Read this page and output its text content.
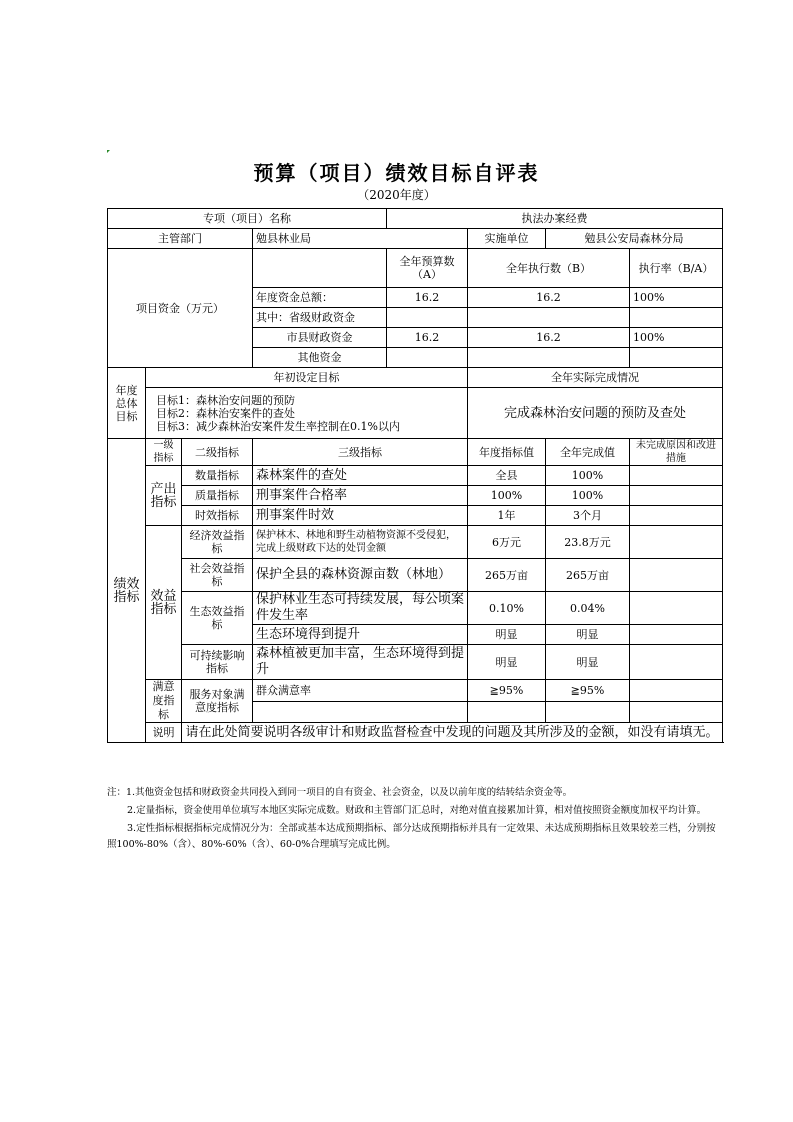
预算（项目）绩效目标自评表
（2020年度）
专项（项目）名称				执法办案经费			
主管部门			勉县林业局		实施单位	勉县公安局森林分局	
项目资金（万元）				全年预算数（A）	全年执行数（B）		执行率（B/A）
			年度资金总额：	16.2	16.2		100%
			其中：省级财政资金				
			市县财政资金	16.2	16.2		100%
			其他资金				
年度总体目标	年初设定目标				全年实际完成情况		

	目标1：森林治安问题的预防
目标2：森林治安案件的查处
目标3：减少森林治安案件发生率控制在0.1%以内				完成森林治安问题的预防及查处		
绩效指标	一级指标	二级指标	三级指标		年度指标值	全年完成值	未完成原因和改进措施
	产出指标	数量指标	森林案件的查处		全县	100%	
		质量指标	刑事案件合格率		100%	100%	
		时效指标	刑事案件时效		1年	3个月	
	效益指标	经济效益指标	保护林木、林地和野生动植物资源不受侵犯，完成上级财政下达的处罚金额		6万元	23.8万元	
		社会效益指标	保护全县的森林资源亩数（林地）		265万亩	265万亩	
		生态效益指标	保护林业生态可持续发展，每公顷案件发生率		0.10%	0.04%	
			生态环境得到提升		明显	明显	
		可持续影响指标	森林植被更加丰富，生态环境得到提升		明显	明显	
	满意度指标	服务对象满意度指标	群众满意率		≧95%	≧95%	

	说明	请在此处简要说明各级审计和财政监督检查中发现的问题及其所涉及的金额，如没有请填无。					

注：1.其他资金包括和财政资金共同投入到同一项目的自有资金、社会资金，以及以前年度的结转结余资金等。

2.定量指标，资金使用单位填写本地区实际完成数。财政和主管部门汇总时，对绝对值直接累加计算，相对值按照资金额度加权平均计算。

3.定性指标根据指标完成情况分为：全部或基本达成预期指标、部分达成预期指标并具有一定效果、未达成预期指标且效果较差三档，分别按照100%-80%（含）、80%-60%（含）、60-0%合理填写完成比例。
